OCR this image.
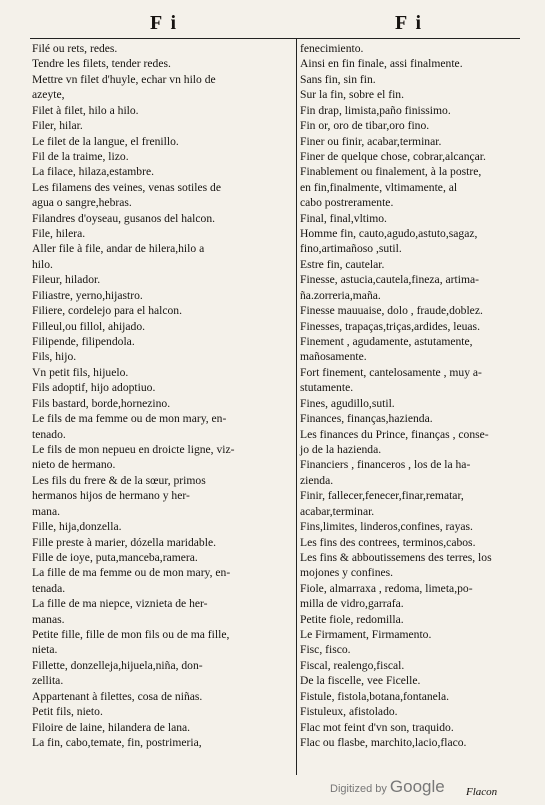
F i	F i
Filé ou rets, redes.
Tendre les filets, tender redes.
Mettre vn filet d'huyle, echar vn hilo de
azeyte,
Filet à filet, hilo a hilo.
Filer, hilar.
Le filet de la langue, el frenillo.
Fil de la traime, lizo.
La filace, hilaza,estambre.
Les filamens des veines, venas sotiles de
agua o sangre,hebras.
Filandres d'oyseau, gusanos del halcon.
File, hilera.
Aller file à file, andar de hilera,hilo a
hilo.
Fileur, hilador.
Filiastre, yerno,hijastro.
Filiere, cordelejo para el halcon.
Filleul,ou fillol, ahijado.
Filipende, filipendola.
Fils, hijo.
Vn petit fils, hijuelo.
Fils adoptif, hijo adoptiuo.
Fils bastard, borde,hornezino.
Le fils de ma femme ou de mon mary, en-
tenado.
Le fils de mon nepueu en droicte ligne, viz-
nieto de hermano.
Les fils du frere & de la sœur, primos
hermanos hijos de hermano y her-
mana.
Fille, hija,donzella.
Fille preste à marier, dózella maridable.
Fille de ioye, puta,manceba,ramera.
La fille de ma femme ou de mon mary, en-
tenada.
La fille de ma niepce, viznieta de her-
manas.
Petite fille, fille de mon fils ou de ma fille,
nieta.
Fillette, donzelleja,hijuela,niña, don-
zellita.
Appartenant à filettes, cosa de niñas.
Petit fils, nieto.
Filoire de laine, hilandera de lana.
La fin, cabo,temate, fin, postrimeria,
fenecimiento.
Ainsi en fin finale, assi finalmente.
Sans fin, sin fin.
Sur la fin, sobre el fin.
Fin drap, limista,paño finissimo.
Fin or, oro de tibar,oro fino.
Finer ou finir, acabar,terminar.
Finer de quelque chose, cobrar,alcançar.
Finablement ou finalement, à la postre,
en fin,finalmente, vltimamente, al
cabo postreramente.
Final, final,vltimo.
Homme fin, cauto,agudo,astuto,sagaz,
fino,artimañoso ,sutil.
Estre fin, cautelar.
Finesse, astucia,cautela,fineza, artima-
ña.zorreria,maña.
Finesse mauuaise, dolo , fraude,doblez.
Finesses, trapaças,triças,ardides, leuas.
Finement , agudamente, astutamente,
mañosamente.
Fort finement, cantelosamente , muy a-
stutamente.
Fines, agudillo,sutil.
Finances, finanças,hazienda.
Les finances du Prince, finanças , conse-
jo de la hazienda.
Financiers , financeros , los de la ha-
zienda.
Finir, fallecer,fenecer,finar,rematar,
acabar,terminar.
Fins,limites, linderos,confines, rayas.
Les fins des contrees, terminos,cabos.
Les fins & abboutissemens des terres, los
mojones y confines.
Fiole, almarraxa , redoma, limeta,po-
milla de vidro,garrafa.
Petite fiole, redomilla.
Le Firmament, Firmamento.
Fisc, fisco.
Fiscal, realengo,fiscal.
De la fiscelle, vee Ficelle.
Fistule, fistola,botana,fontanela.
Fistuleux, afistolado.
Flac mot feint d'vn son, traquido.
Flac ou flasbe, marchito,lacio,flaco.
Digitized by Google Flacon
